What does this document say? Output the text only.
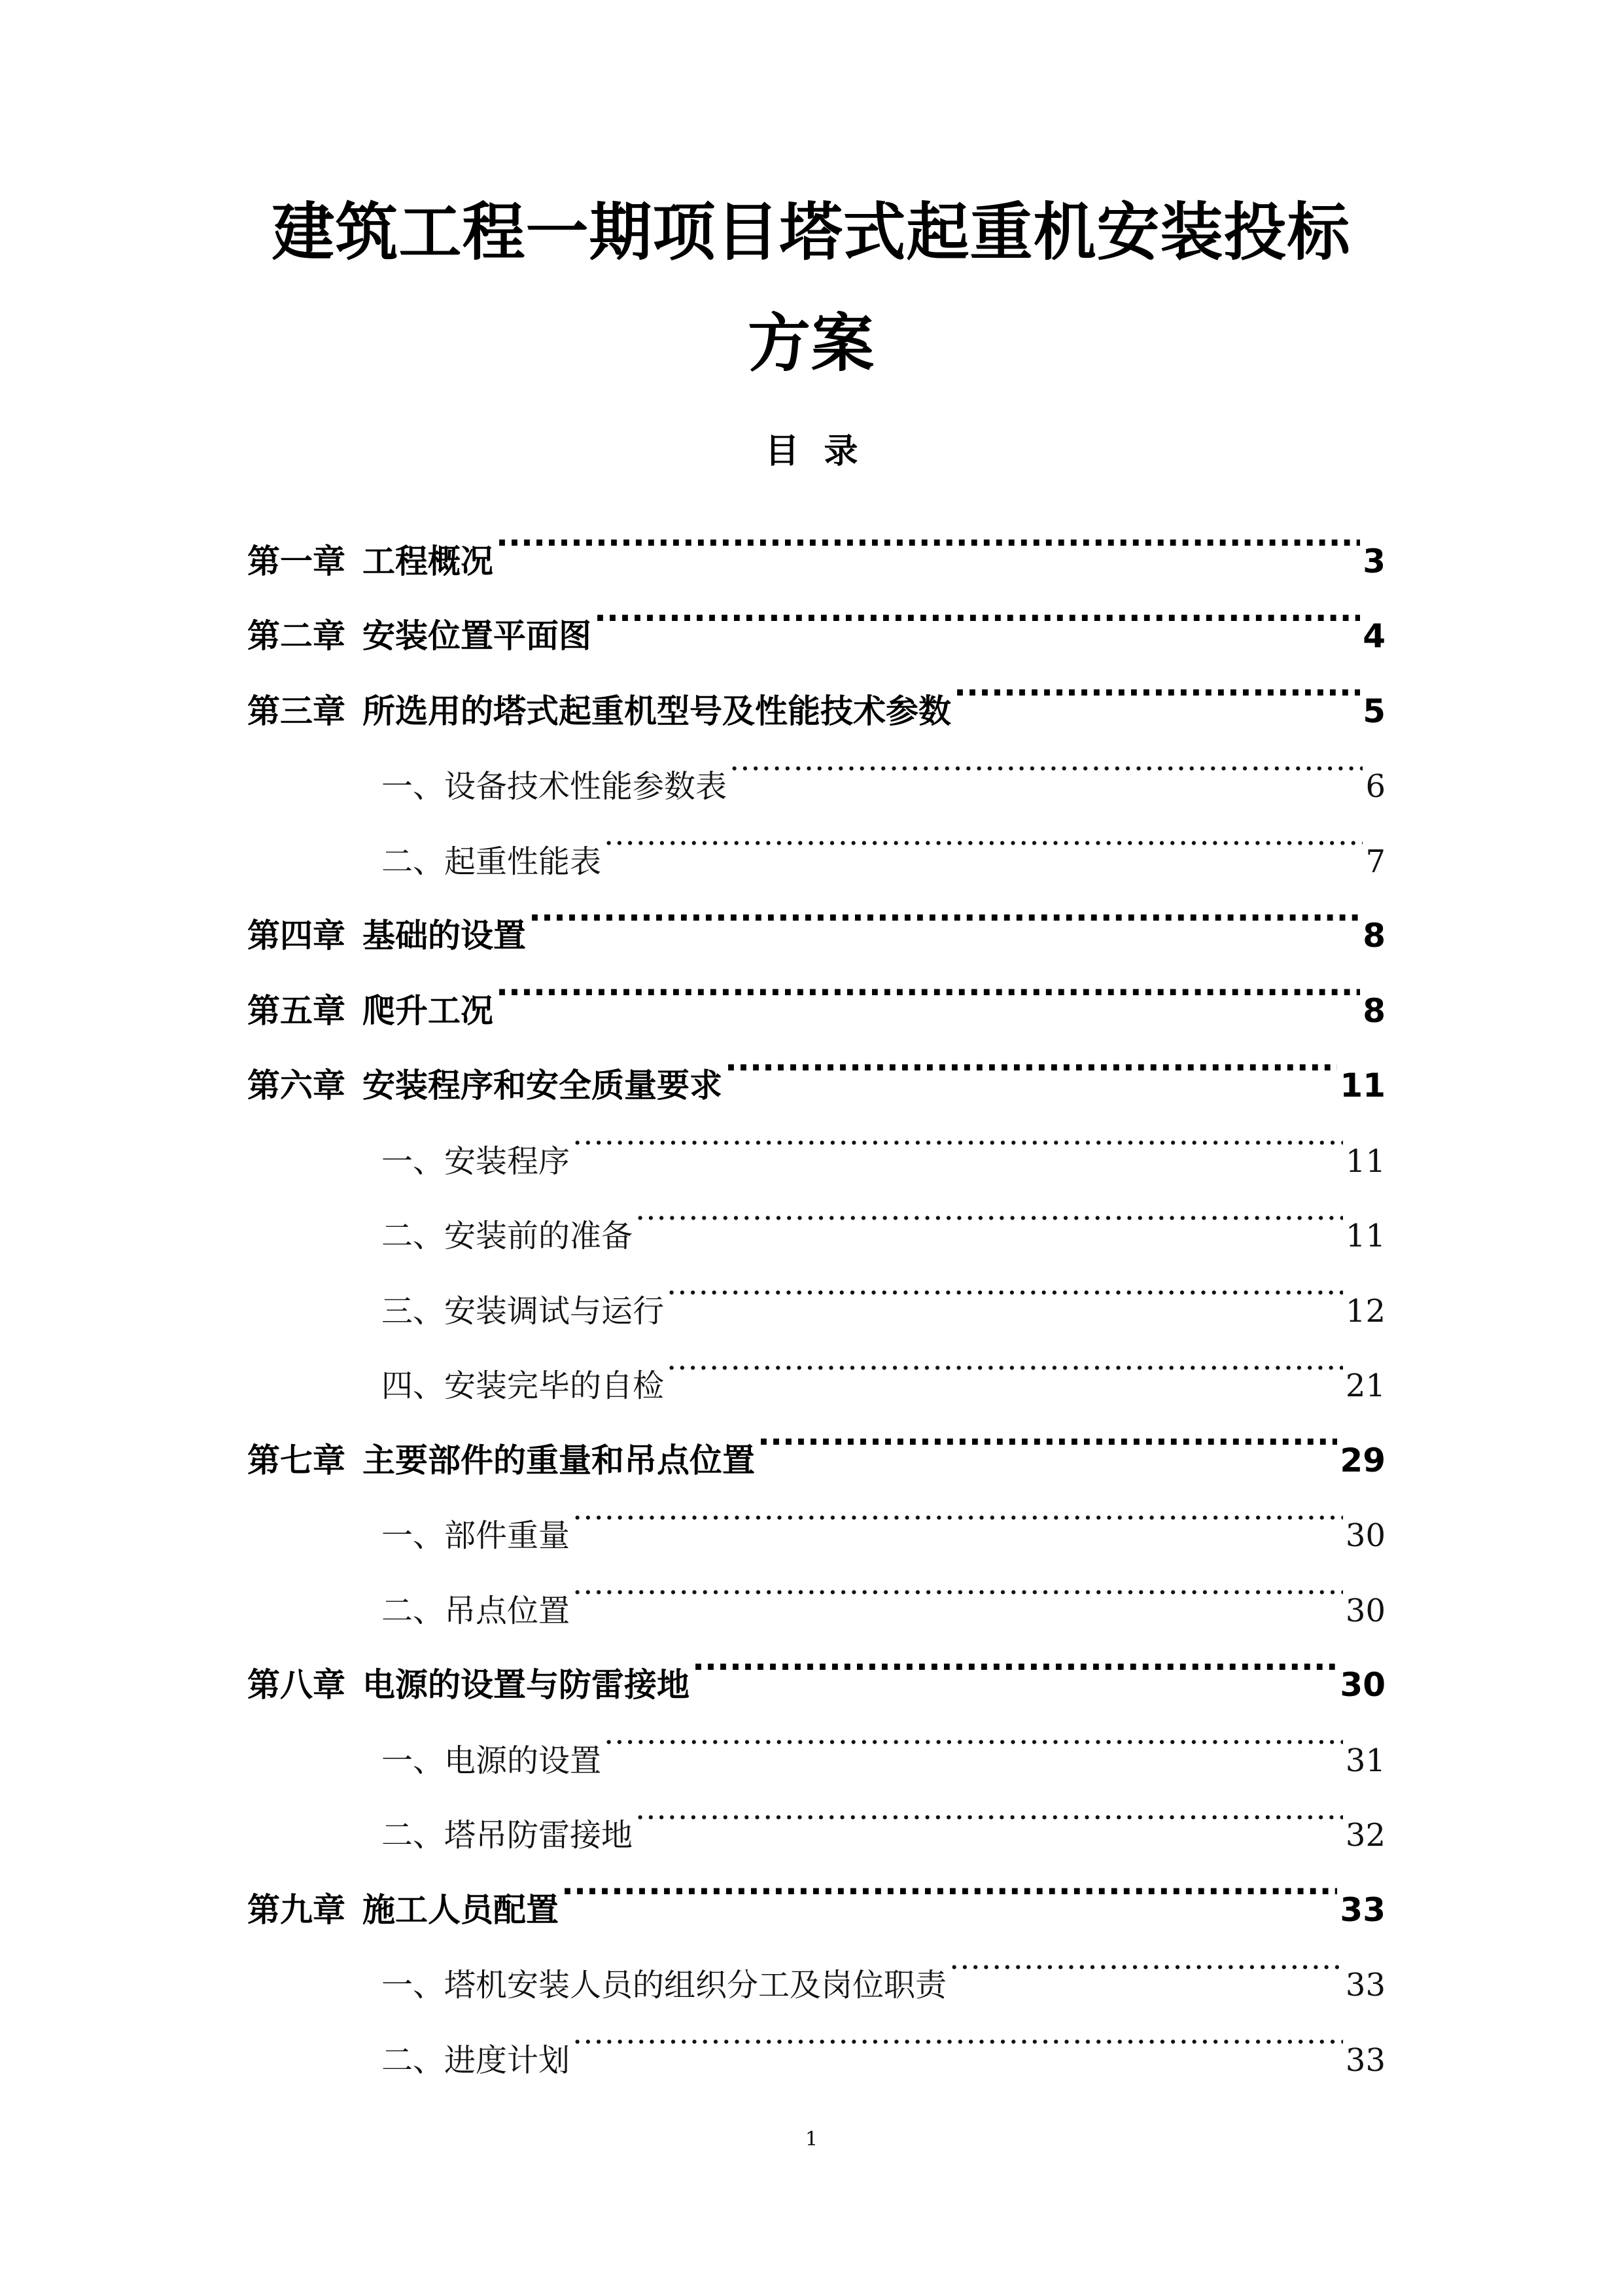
建筑工程一期项目塔式起重机安装投标方案
目 录
第一章 工程概况 .....	3
第二章 安装位置平面图 .....	4
第三章 所选用的塔式起重机型号及性能技术参数 .....	5
一、设备技术性能参数表 .....	6
二、起重性能表 .....	7
第四章 基础的设置 .....	8
第五章 爬升工况 .....	8
第六章 安装程序和安全质量要求 .....	11
一、安装程序 .....	11
二、安装前的准备 .....	11
三、安装调试与运行 .....	12
四、安装完毕的自检 .....	21
第七章 主要部件的重量和吊点位置 .....	29
一、部件重量 .....	30
二、吊点位置 .....	30
第八章 电源的设置与防雷接地 .....	30
一、电源的设置 .....	31
二、塔吊防雷接地 .....	32
第九章 施工人员配置 .....	33
一、塔机安装人员的组织分工及岗位职责 .....	33
二、进度计划 .....	33

1
